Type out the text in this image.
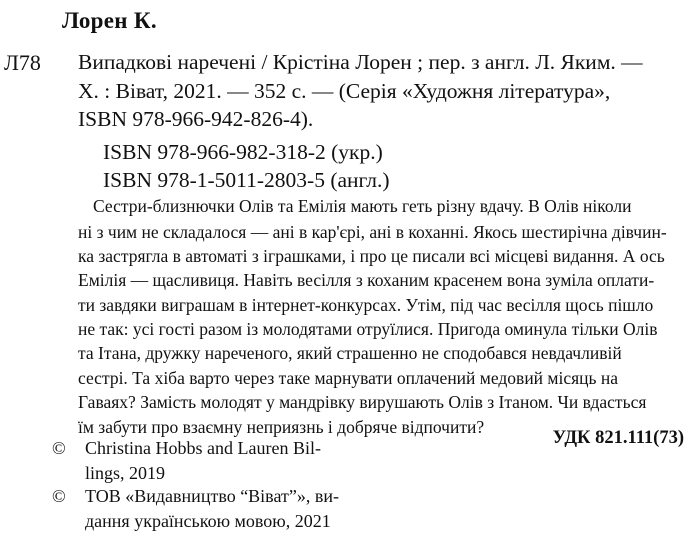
Лорен К.
Л78 Випадкові наречені / Крістіна Лорен ; пер. з англ. Л. Яким. —
Х. : Віват, 2021. — 352 с. — (Серія «Художня література»,
ISBN 978-966-942-826-4).
ISBN 978-966-982-318-2 (укр.)
ISBN 978-1-5011-2803-5 (англ.)
Сестри-близнючки Олів та Емілія мають геть різну вдачу. В Олів ніколи
ні з чим не складалося — ані в кар'єрі, ані в коханні. Якось шестирічна дівчин-
ка застрягла в автоматі з іграшками, і про це писали всі місцеві видання. А ось
Емілія — щасливиця. Навіть весілля з коханим красенем вона зуміла оплати-
ти завдяки виграшам в інтернет-конкурсах. Утім, під час весілля щось пішло
не так: усі гості разом із молодятами отруїлися. Пригода оминула тільки Олів
та Ітана, дружку нареченого, який страшенно не сподобався невдачливій
сестрі. Та хіба варто через таке марнувати оплачений медовий місяць на
Гаваях? Замість молодят у мандрівку вирушають Олів з Ітаном. Чи вдасться
їм забути про взаємну неприязнь і добряче відпочити?
УДК 821.111(73)
© Christina Hobbs and Lauren Bil-
lings, 2019
© ТОВ «Видавництво “Віват”», ви-
дання українською мовою, 2021
